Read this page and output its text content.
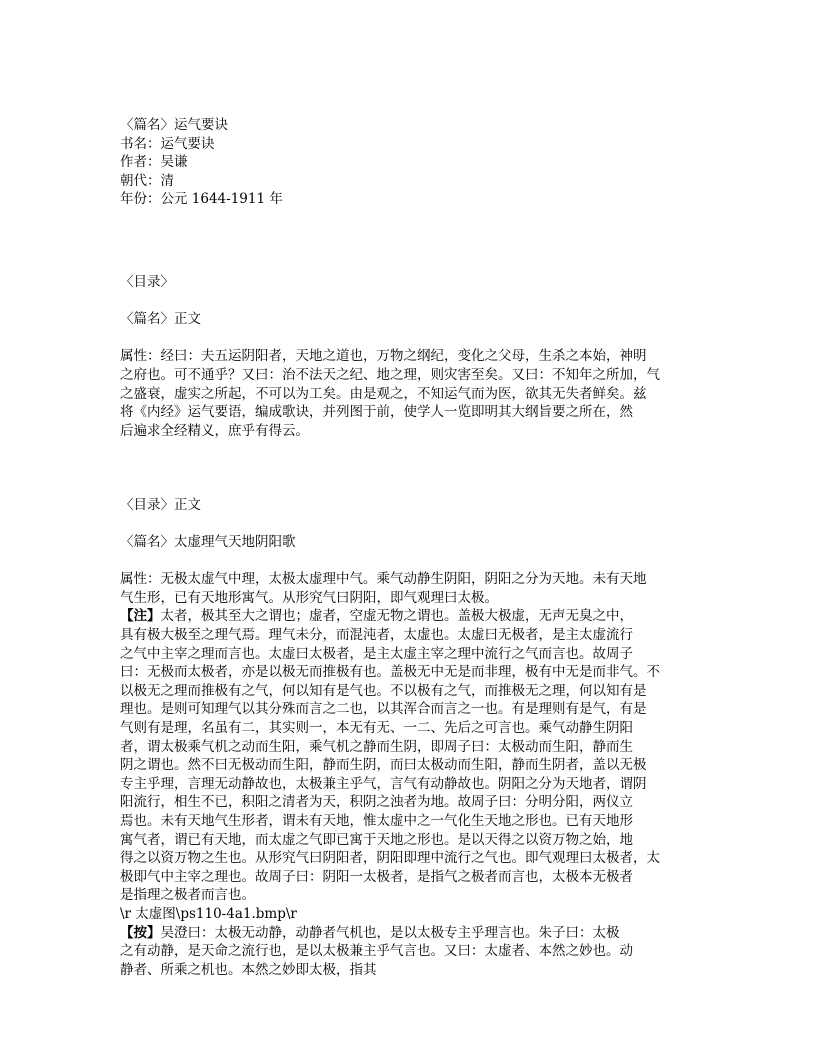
〈篇名〉运气要诀
书名：运气要诀
作者：吴谦
朝代：清
年份：公元 1644-1911 年
〈目录〉
〈篇名〉正文
属性：经曰：夫五运阴阳者，天地之道也，万物之纲纪，变化之父母，生杀之本始，神明
之府也。可不通乎？又曰：治不法天之纪、地之理，则灾害至矣。又曰：不知年之所加，气
之盛衰，虚实之所起，不可以为工矣。由是观之，不知运气而为医，欲其无失者鲜矣。兹
将《内经》运气要语，编成歌诀，并列图于前，使学人一览即明其大纲旨要之所在，然
后遍求全经精义，庶乎有得云。
〈目录〉正文
〈篇名〉太虚理气天地阴阳歌
属性：无极太虚气中理，太极太虚理中气。乘气动静生阴阳，阴阳之分为天地。未有天地
气生形，已有天地形寓气。从形究气曰阴阳，即气观理曰太极。
【注】太者，极其至大之谓也；虚者，空虚无物之谓也。盖极大极虚，无声无臭之中，
具有极大极至之理气焉。理气未分，而混沌者，太虚也。太虚曰无极者，是主太虚流行
之气中主宰之理而言也。太虚曰太极者，是主太虚主宰之理中流行之气而言也。故周子
曰：无极而太极者，亦是以极无而推极有也。盖极无中无是而非理，极有中无是而非气。不
以极无之理而推极有之气，何以知有是气也。不以极有之气，而推极无之理，何以知有是
理也。是则可知理气以其分殊而言之二也，以其浑合而言之一也。有是理则有是气，有是
气则有是理，名虽有二，其实则一，本无有无、一二、先后之可言也。乘气动静生阴阳
者，谓太极乘气机之动而生阳，乘气机之静而生阴，即周子曰：太极动而生阳，静而生
阴之谓也。然不曰无极动而生阳，静而生阴，而曰太极动而生阳，静而生阴者，盖以无极
专主乎理，言理无动静故也，太极兼主乎气，言气有动静故也。阴阳之分为天地者，谓阴
阳流行，相生不已，积阳之清者为天，积阴之浊者为地。故周子曰：分明分阳，两仪立
焉也。未有天地气生形者，谓未有天地，惟太虚中之一气化生天地之形也。已有天地形
寓气者，谓已有天地，而太虚之气即已寓于天地之形也。是以天得之以资万物之始，地
得之以资万物之生也。从形究气曰阴阳者，阴阳即理中流行之气也。即气观理曰太极者，太
极即气中主宰之理也。故周子曰：阴阳一太极者，是指气之极者而言也，太极本无极者
是指理之极者而言也。
\r 太虚图\ps110-4a1.bmp\r
【按】吴澄曰：太极无动静，动静者气机也，是以太极专主乎理言也。朱子曰：太极
之有动静，是天命之流行也，是以太极兼主乎气言也。又曰：太虚者、本然之妙也。动
静者、所乘之机也。本然之妙即太极，指其
